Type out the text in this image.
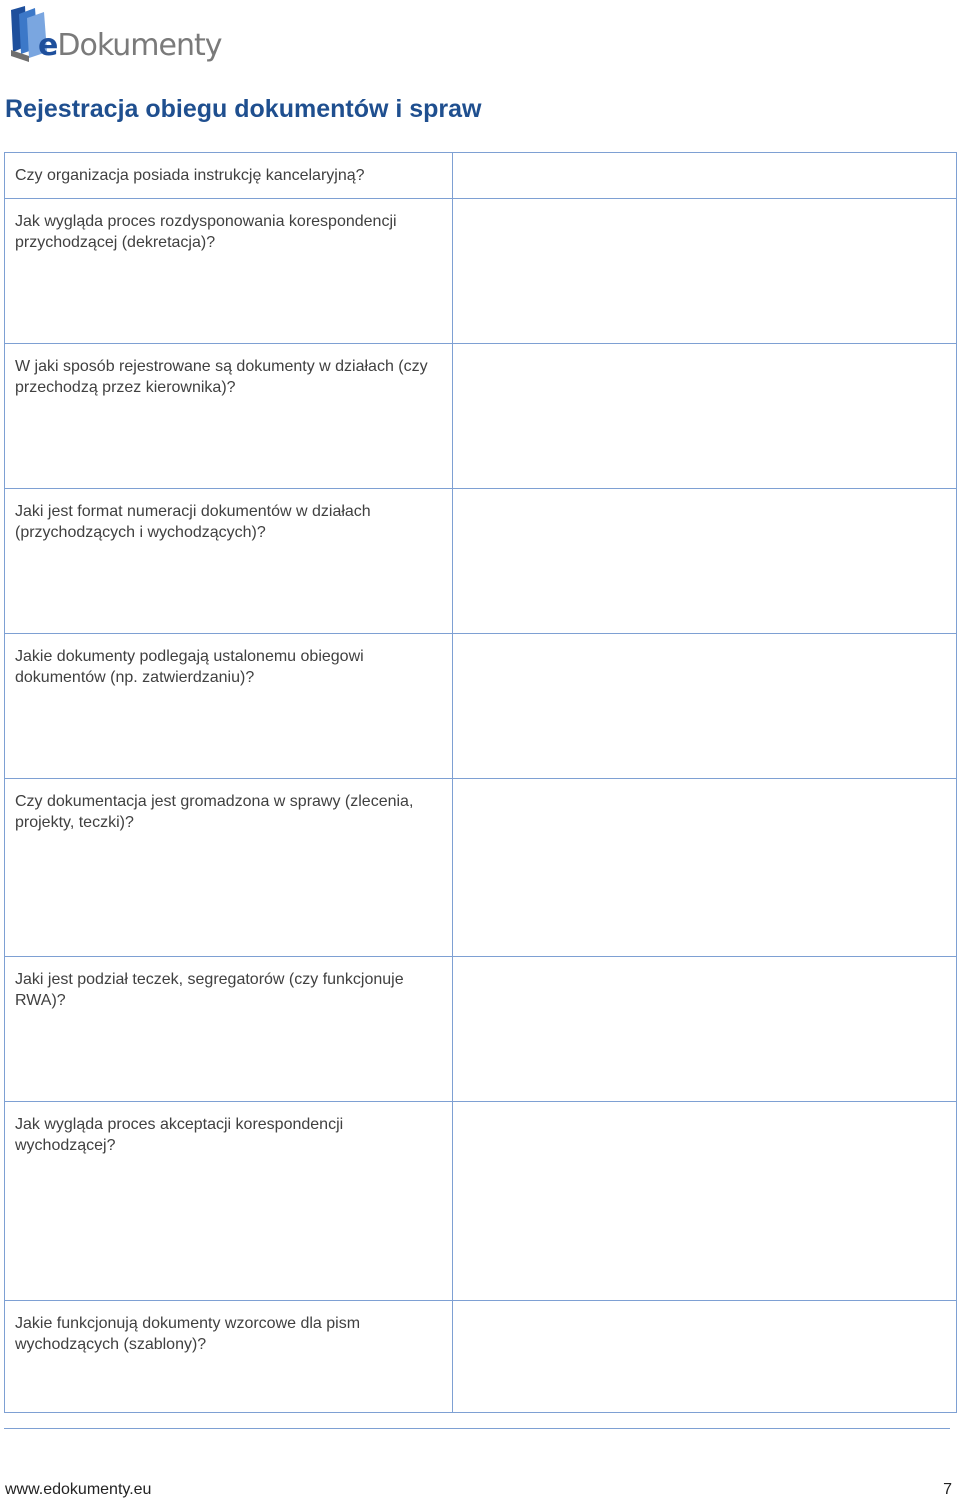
eDokumenty
Rejestracja obiegu dokumentów i spraw
Czy organizacja posiada instrukcję kancelaryjną?	
Jak wygląda proces rozdysponowania korespondencji przychodzącej (dekretacja)?	
W jaki sposób rejestrowane są dokumenty w działach (czy przechodzą przez kierownika)?	
Jaki jest format numeracji dokumentów w działach (przychodzących i wychodzących)?	
Jakie dokumenty podlegają ustalonemu obiegowi dokumentów (np. zatwierdzaniu)?	
Czy dokumentacja jest gromadzona w sprawy (zlecenia, projekty, teczki)?	
Jaki jest podział teczek, segregatorów (czy funkcjonuje RWA)?	
Jak wygląda proces akceptacji korespondencji wychodzącej?	
Jakie funkcjonują dokumenty wzorcowe dla pism wychodzących (szablony)?	
www.edokumenty.eu	7
